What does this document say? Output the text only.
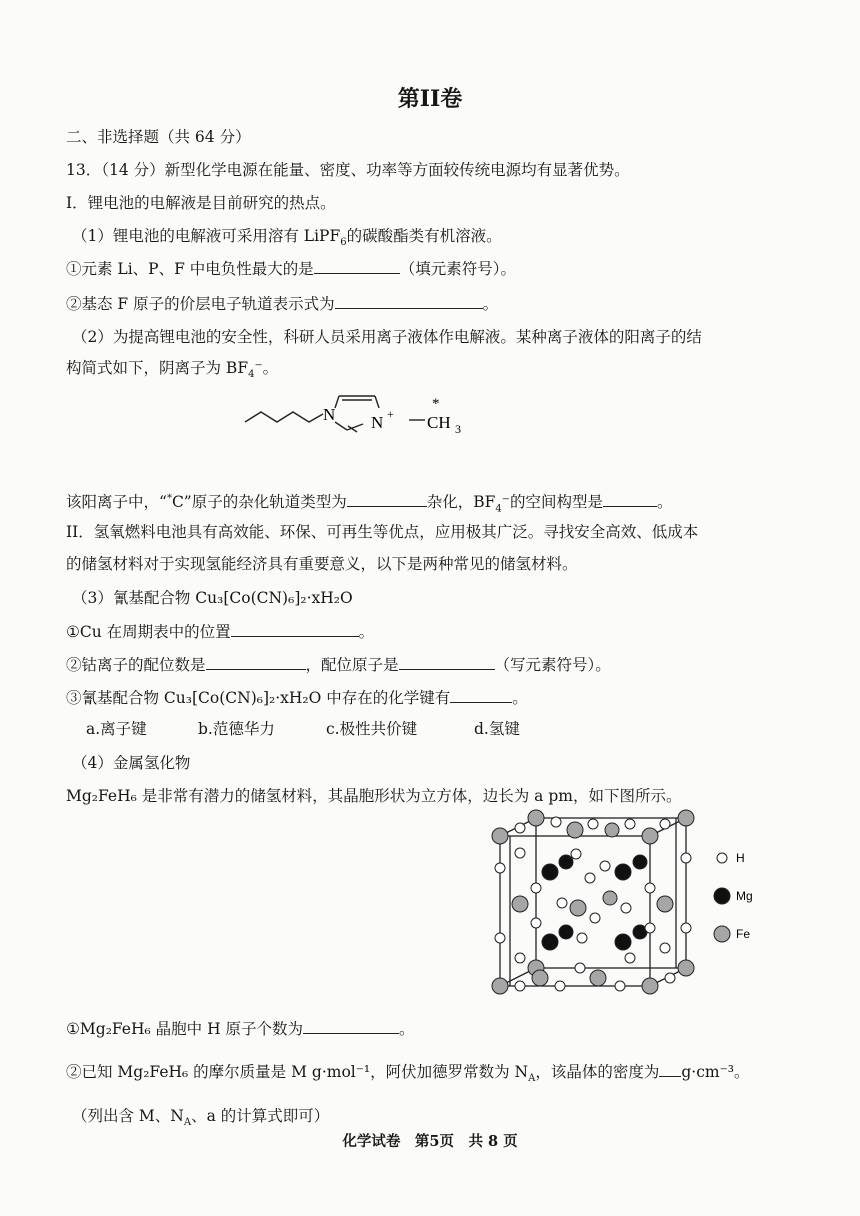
第II卷
二、非选择题（共 64 分）
13．（14 分）新型化学电源在能量、密度、功率等方面较传统电源均有显著优势。
I．锂电池的电解液是目前研究的热点。
（1）锂电池的电解液可采用溶有 LiPF$_6$的碳酸酯类有机溶液。
①元素 Li、P、F 中电负性最大的是	（填元素符号）。
②基态 F 原子的价层电子轨道表示式为	。
（2）为提高锂电池的安全性，科研人员采用离子液体作电解液。某种离子液体的阳离子的结
构简式如下，阴离子为 $BF_4^-$。
N N +
*
CH 3
该阳离子中，“*C”原子的杂化轨道类型为	杂化，$BF_4^-$的空间构型是	。
II．氢氧燃料电池具有高效能、环保、可再生等优点，应用极其广泛。寻找安全高效、低成本
的储氢材料对于实现氢能经济具有重要意义，以下是两种常见的储氢材料。
（3）氰基配合物 Cu₃[Co(CN)₆]₂·xH₂O
①Cu 在周期表中的位置	。
②钴离子的配位数是	，配位原子是	（写元素符号）。
③氰基配合物 Cu₃[Co(CN)₆]₂·xH₂O 中存在的化学键有	。
a.离子键	b.范德华力	c.极性共价键	d.氢键
（4）金属氢化物
Mg₂FeH₆ 是非常有潜力的储氢材料，其晶胞形状为立方体，边长为 a pm，如下图所示。
H
Mg
Fe
①Mg₂FeH₆ 晶胞中 H 原子个数为	。
②已知 Mg₂FeH₆ 的摩尔质量是 M g·mol⁻¹，阿伏加德罗常数为 $N_A$，该晶体的密度为 g·cm⁻³。
（列出含 M、$N_A$、a 的计算式即可）
化学试卷　第5页　共 8 页
